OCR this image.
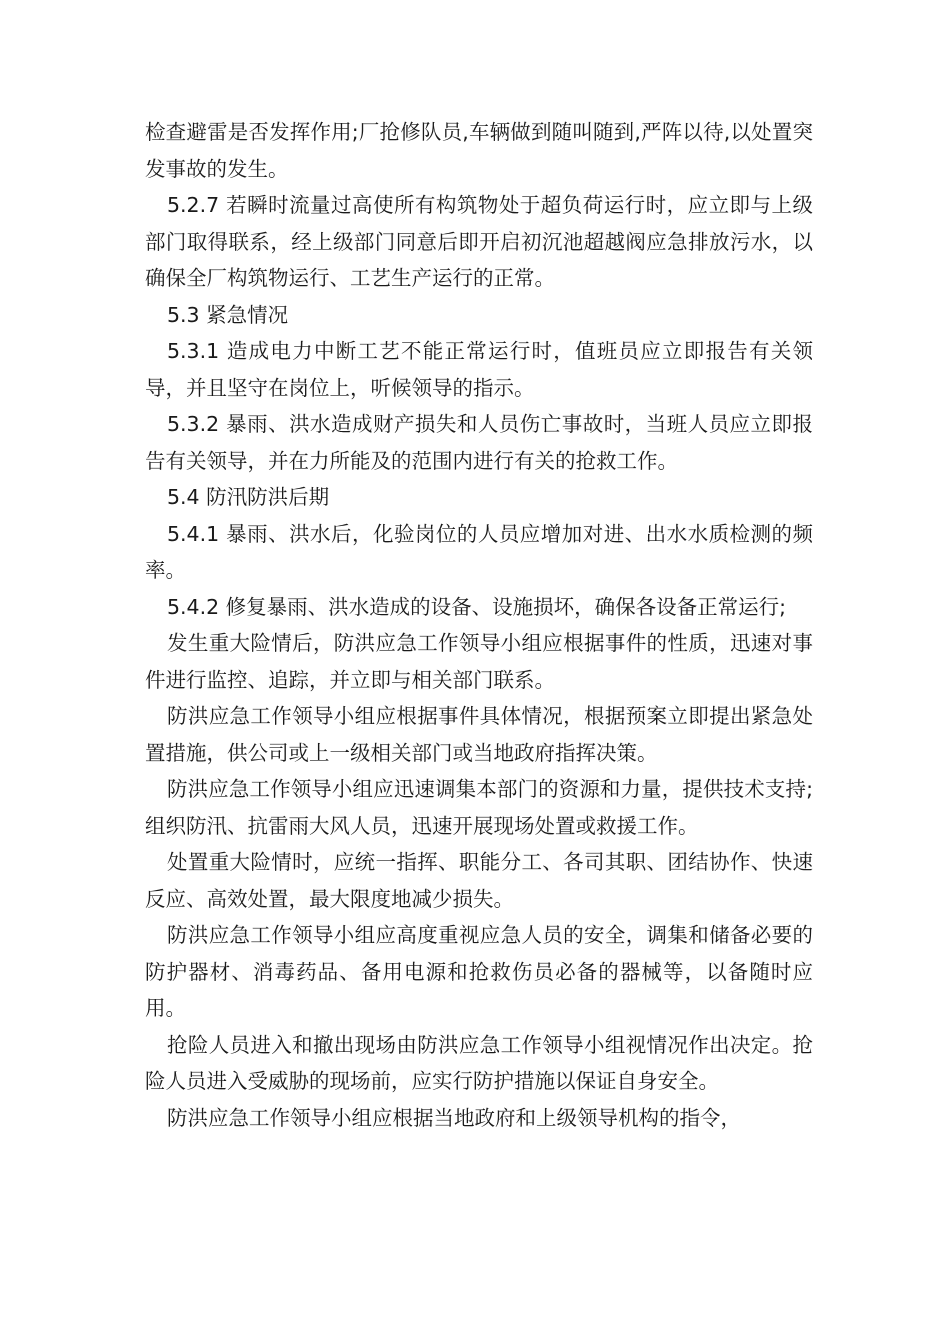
检查避雷是否发挥作用;厂抢修队员,车辆做到随叫随到,严阵以待,以处置突发事故的发生。

5.2.7 若瞬时流量过高使所有构筑物处于超负荷运行时，应立即与上级部门取得联系，经上级部门同意后即开启初沉池超越阀应急排放污水，以确保全厂构筑物运行、工艺生产运行的正常。

5.3 紧急情况

5.3.1 造成电力中断工艺不能正常运行时，值班员应立即报告有关领导，并且坚守在岗位上，听候领导的指示。

5.3.2 暴雨、洪水造成财产损失和人员伤亡事故时，当班人员应立即报告有关领导，并在力所能及的范围内进行有关的抢救工作。

5.4 防汛防洪后期

5.4.1 暴雨、洪水后，化验岗位的人员应增加对进、出水水质检测的频率。

5.4.2 修复暴雨、洪水造成的设备、设施损坏，确保各设备正常运行;

发生重大险情后，防洪应急工作领导小组应根据事件的性质，迅速对事件进行监控、追踪，并立即与相关部门联系。

防洪应急工作领导小组应根据事件具体情况，根据预案立即提出紧急处置措施，供公司或上一级相关部门或当地政府指挥决策。

防洪应急工作领导小组应迅速调集本部门的资源和力量，提供技术支持;组织防汛、抗雷雨大风人员，迅速开展现场处置或救援工作。

处置重大险情时，应统一指挥、职能分工、各司其职、团结协作、快速反应、高效处置，最大限度地减少损失。

防洪应急工作领导小组应高度重视应急人员的安全，调集和储备必要的防护器材、消毒药品、备用电源和抢救伤员必备的器械等，以备随时应用。

抢险人员进入和撤出现场由防洪应急工作领导小组视情况作出决定。抢险人员进入受威胁的现场前，应实行防护措施以保证自身安全。

防洪应急工作领导小组应根据当地政府和上级领导机构的指令，
